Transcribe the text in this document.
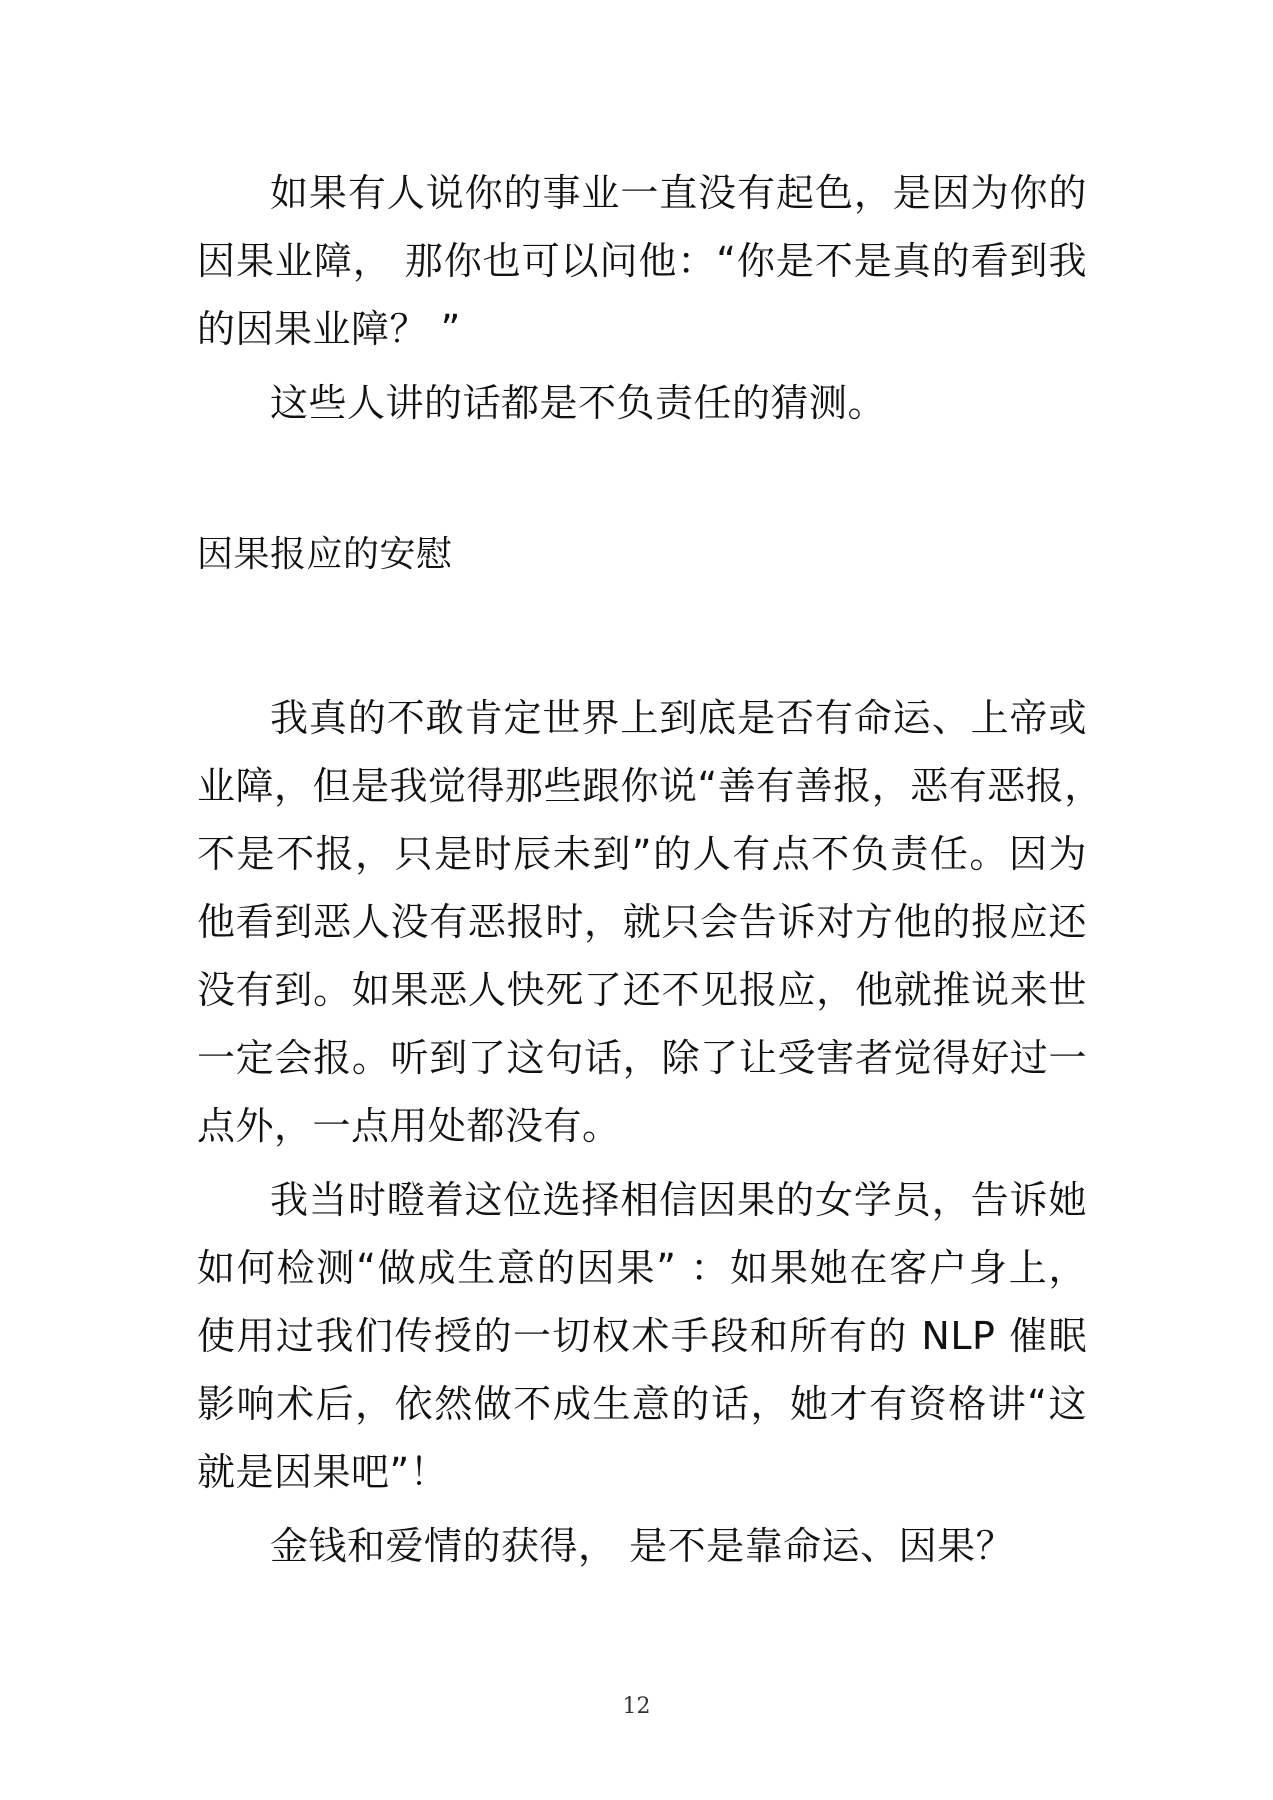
如果有人说你的事业一直没有起色，是因为你的
因果业障， 那你也可以问他：“你是不是真的看到我
的因果业障？ ”
这些人讲的话都是不负责任的猜测。
因果报应的安慰
我真的不敢肯定世界上到底是否有命运、上帝或
业障，但是我觉得那些跟你说“善有善报，恶有恶报，
不是不报，只是时辰未到”的人有点不负责任。因为
他看到恶人没有恶报时，就只会告诉对方他的报应还
没有到。如果恶人快死了还不见报应，他就推说来世
一定会报。听到了这句话，除了让受害者觉得好过一
点外，一点用处都没有。
我当时瞪着这位选择相信因果的女学员，告诉她
如何检测“做成生意的因果” ：如果她在客户身上，
使用过我们传授的一切权术手段和所有的 NLP 催眠
影响术后，依然做不成生意的话，她才有资格讲“这
就是因果吧”！
金钱和爱情的获得， 是不是靠命运、因果？
12
